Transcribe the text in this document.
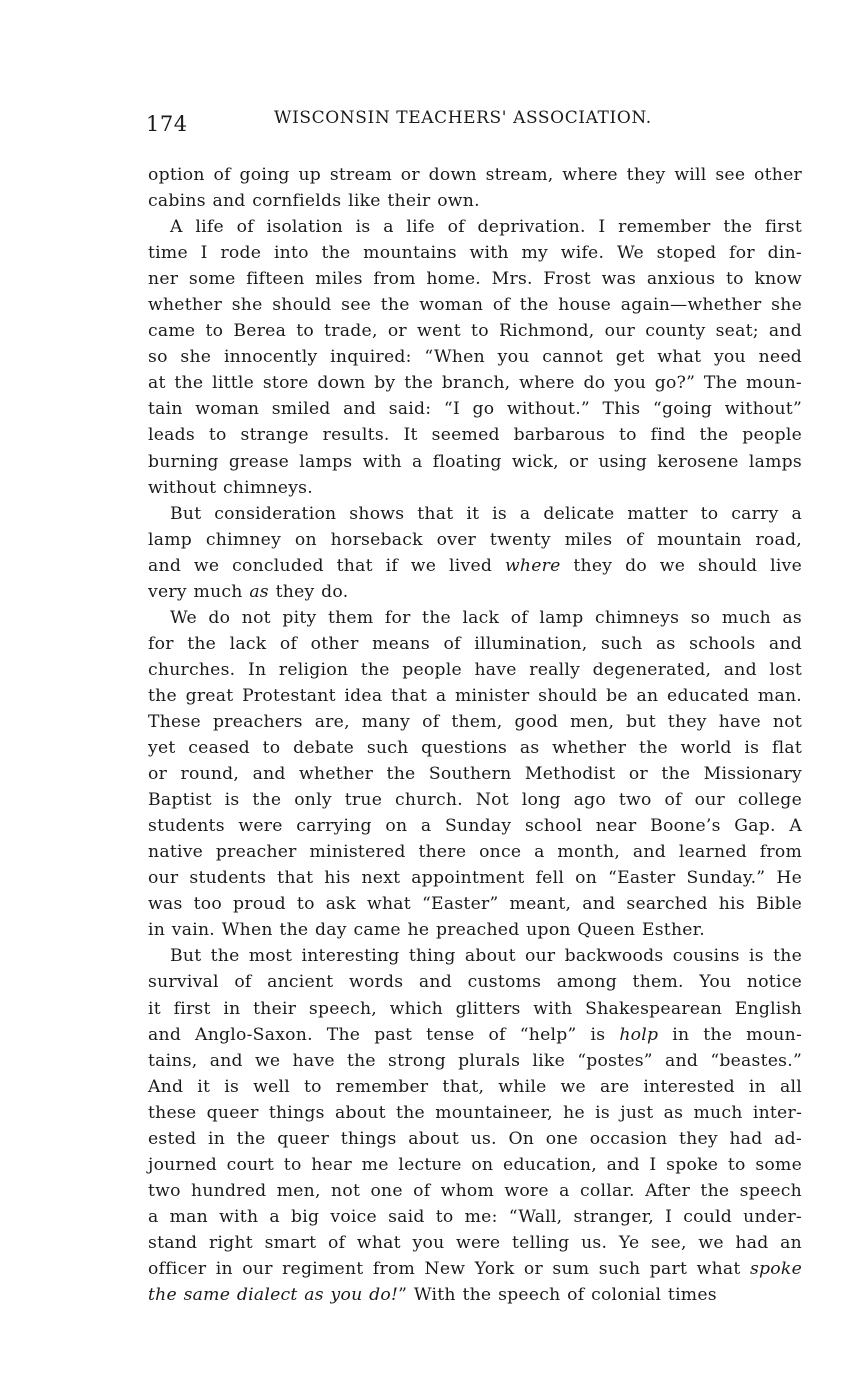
174	WISCONSIN TEACHERS' ASSOCIATION.

option of going up stream or down stream, where they will see other
cabins and cornfields like their own.

A life of isolation is a life of deprivation. I remember the first
time I rode into the mountains with my wife. We stoped for din-
ner some fifteen miles from home. Mrs. Frost was anxious to know
whether she should see the woman of the house again—whether she
came to Berea to trade, or went to Richmond, our county seat; and
so she innocently inquired: “When you cannot get what you need
at the little store down by the branch, where do you go?” The moun-
tain woman smiled and said: “I go without.” This “going without”
leads to strange results. It seemed barbarous to find the people
burning grease lamps with a floating wick, or using kerosene lamps
without chimneys.

But consideration shows that it is a delicate matter to carry a
lamp chimney on horseback over twenty miles of mountain road,
and we concluded that if we lived where they do we should live
very much as they do.

We do not pity them for the lack of lamp chimneys so much as
for the lack of other means of illumination, such as schools and
churches. In religion the people have really degenerated, and lost
the great Protestant idea that a minister should be an educated man.
These preachers are, many of them, good men, but they have not
yet ceased to debate such questions as whether the world is flat
or round, and whether the Southern Methodist or the Missionary
Baptist is the only true church. Not long ago two of our college
students were carrying on a Sunday school near Boone’s Gap. A
native preacher ministered there once a month, and learned from
our students that his next appointment fell on “Easter Sunday.” He
was too proud to ask what “Easter” meant, and searched his Bible
in vain. When the day came he preached upon Queen Esther.

But the most interesting thing about our backwoods cousins is the
survival of ancient words and customs among them. You notice
it first in their speech, which glitters with Shakespearean English
and Anglo-Saxon. The past tense of “help” is holp in the moun-
tains, and we have the strong plurals like “postes” and “beastes.”
And it is well to remember that, while we are interested in all
these queer things about the mountaineer, he is just as much inter-
ested in the queer things about us. On one occasion they had ad-
journed court to hear me lecture on education, and I spoke to some
two hundred men, not one of whom wore a collar. After the speech
a man with a big voice said to me: “Wall, stranger, I could under-
stand right smart of what you were telling us. Ye see, we had an
officer in our regiment from New York or sum such part what spoke
the same dialect as you do!” With the speech of colonial times
